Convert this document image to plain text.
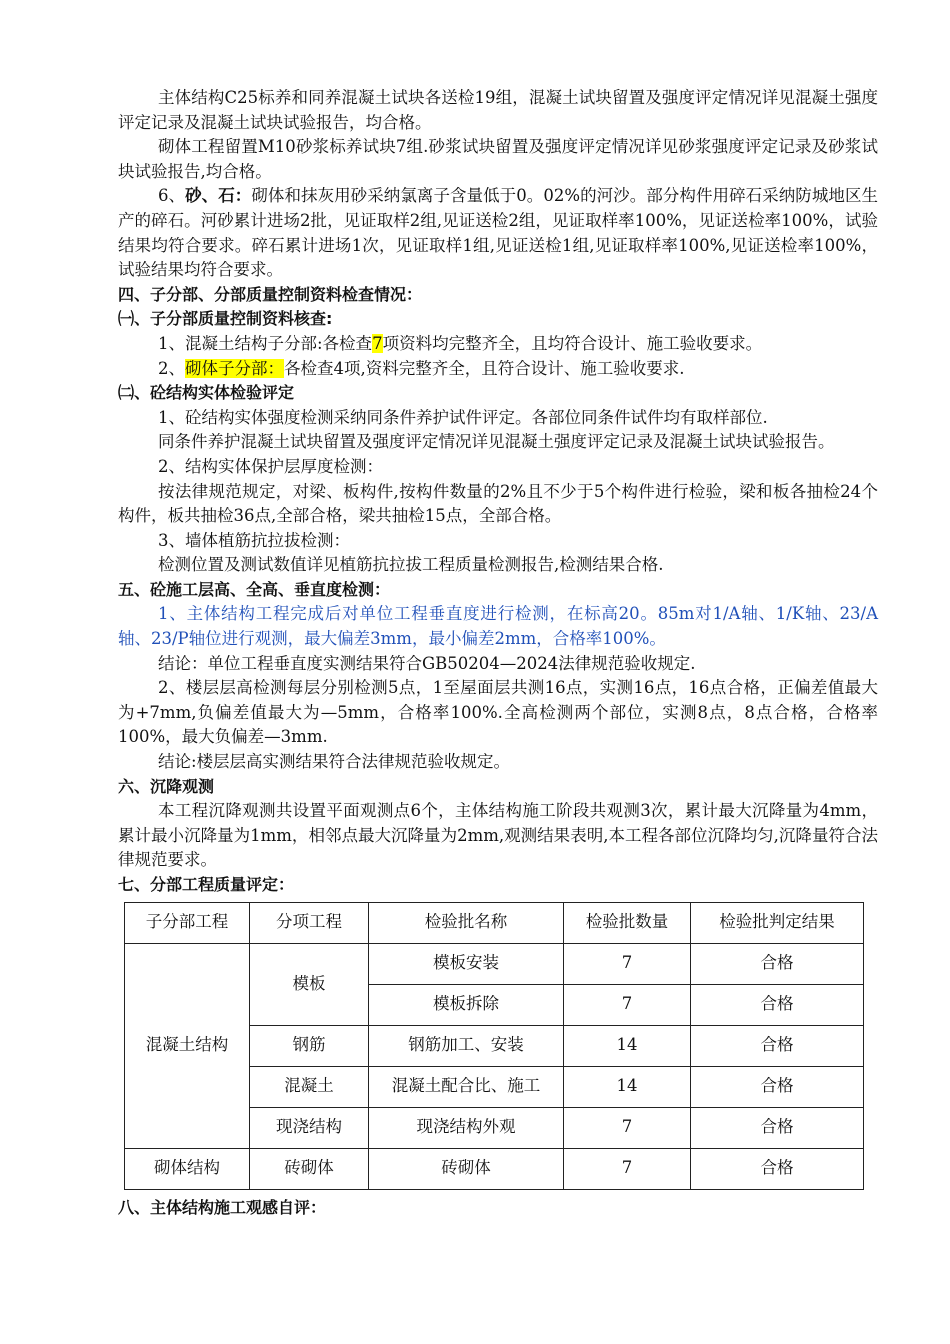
主体结构C25标养和同养混凝土试块各送检19组，混凝土试块留置及强度评定情况详见混凝土强度评定记录及混凝土试块试验报告，均合格。

砌体工程留置M10砂浆标养试块7组.砂浆试块留置及强度评定情况详见砂浆强度评定记录及砂浆试块试验报告,均合格。

6、砂、石：砌体和抹灰用砂采纳氯离子含量低于0。02%的河沙。部分构件用碎石采纳防城地区生产的碎石。河砂累计进场2批，见证取样2组,见证送检2组，见证取样率100%，见证送检率100%，试验结果均符合要求。碎石累计进场1次，见证取样1组,见证送检1组,见证取样率100%,见证送检率100%，试验结果均符合要求。

四、子分部、分部质量控制资料检查情况：

㈠、子分部质量控制资料核查:

1、混凝土结构子分部:各检查7项资料均完整齐全，且均符合设计、施工验收要求。

2、砌体子分部：各检查4项,资料完整齐全，且符合设计、施工验收要求.

㈡、砼结构实体检验评定

1、砼结构实体强度检测采纳同条件养护试件评定。各部位同条件试件均有取样部位.

同条件养护混凝土试块留置及强度评定情况详见混凝土强度评定记录及混凝土试块试验报告。

2、结构实体保护层厚度检测：

按法律规范规定，对梁、板构件,按构件数量的2%且不少于5个构件进行检验，梁和板各抽检24个构件，板共抽检36点,全部合格，梁共抽检15点，全部合格。

3、墙体植筋抗拉拔检测：

检测位置及测试数值详见植筋抗拉拔工程质量检测报告,检测结果合格.

五、砼施工层高、全高、垂直度检测：

1、主体结构工程完成后对单位工程垂直度进行检测，在标高20。85m对1/A轴、1/K轴、23/A轴、23/P轴位进行观测，最大偏差3mm，最小偏差2mm，合格率100%。

结论：单位工程垂直度实测结果符合GB50204—2024法律规范验收规定.

2、楼层层高检测每层分别检测5点，1至屋面层共测16点，实测16点，16点合格，正偏差值最大为+7mm,负偏差值最大为—5mm，合格率100%.全高检测两个部位，实测8点，8点合格，合格率100%，最大负偏差—3mm.

结论:楼层层高实测结果符合法律规范验收规定。

六、沉降观测

本工程沉降观测共设置平面观测点6个，主体结构施工阶段共观测3次，累计最大沉降量为4mm，累计最小沉降量为1mm，相邻点最大沉降量为2mm,观测结果表明,本工程各部位沉降均匀,沉降量符合法律规范要求。

七、分部工程质量评定：

子分部工程	分项工程	检验批名称	检验批数量	检验批判定结果
混凝土结构	模板	模板安装	7	合格
		模板拆除	7	合格
	钢筋	钢筋加工、安装	14	合格
	混凝土	混凝土配合比、施工	14	合格
	现浇结构	现浇结构外观	7	合格
砌体结构	砖砌体	砖砌体	7	合格

八、主体结构施工观感自评：
